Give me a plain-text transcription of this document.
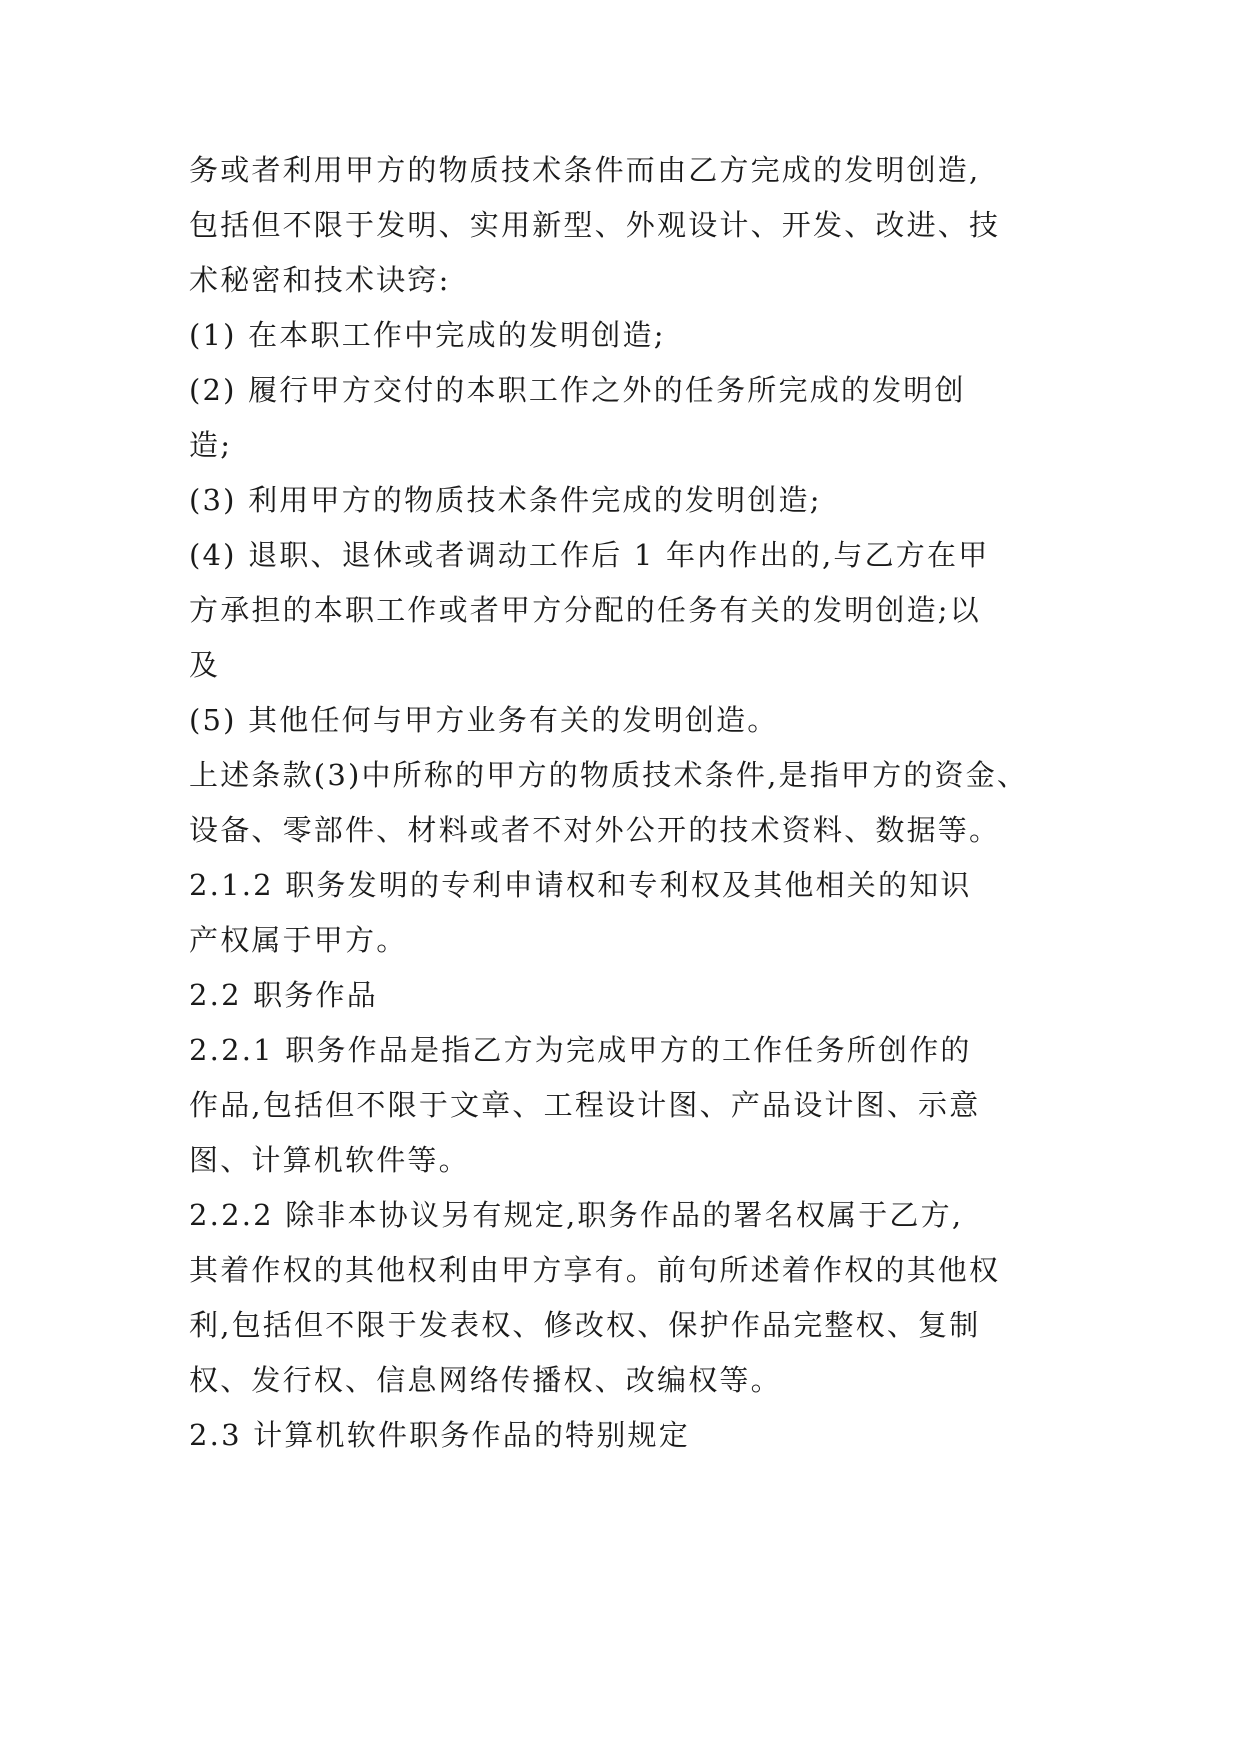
务或者利用甲方的物质技术条件而由乙方完成的发明创造,

包括但不限于发明、实用新型、外观设计、开发、改进、技

术秘密和技术诀窍:

(1) 在本职工作中完成的发明创造;

(2) 履行甲方交付的本职工作之外的任务所完成的发明创

造;

(3) 利用甲方的物质技术条件完成的发明创造;

(4) 退职、退休或者调动工作后 1 年内作出的,与乙方在甲

方承担的本职工作或者甲方分配的任务有关的发明创造;以

及

(5) 其他任何与甲方业务有关的发明创造。

上述条款(3)中所称的甲方的物质技术条件,是指甲方的资金、

设备、零部件、材料或者不对外公开的技术资料、数据等。

2.1.2 职务发明的专利申请权和专利权及其他相关的知识

产权属于甲方。

2.2 职务作品

2.2.1 职务作品是指乙方为完成甲方的工作任务所创作的

作品,包括但不限于文章、工程设计图、产品设计图、示意

图、计算机软件等。

2.2.2 除非本协议另有规定,职务作品的署名权属于乙方,

其着作权的其他权利由甲方享有。前句所述着作权的其他权

利,包括但不限于发表权、修改权、保护作品完整权、复制

权、发行权、信息网络传播权、改编权等。

2.3 计算机软件职务作品的特别规定
